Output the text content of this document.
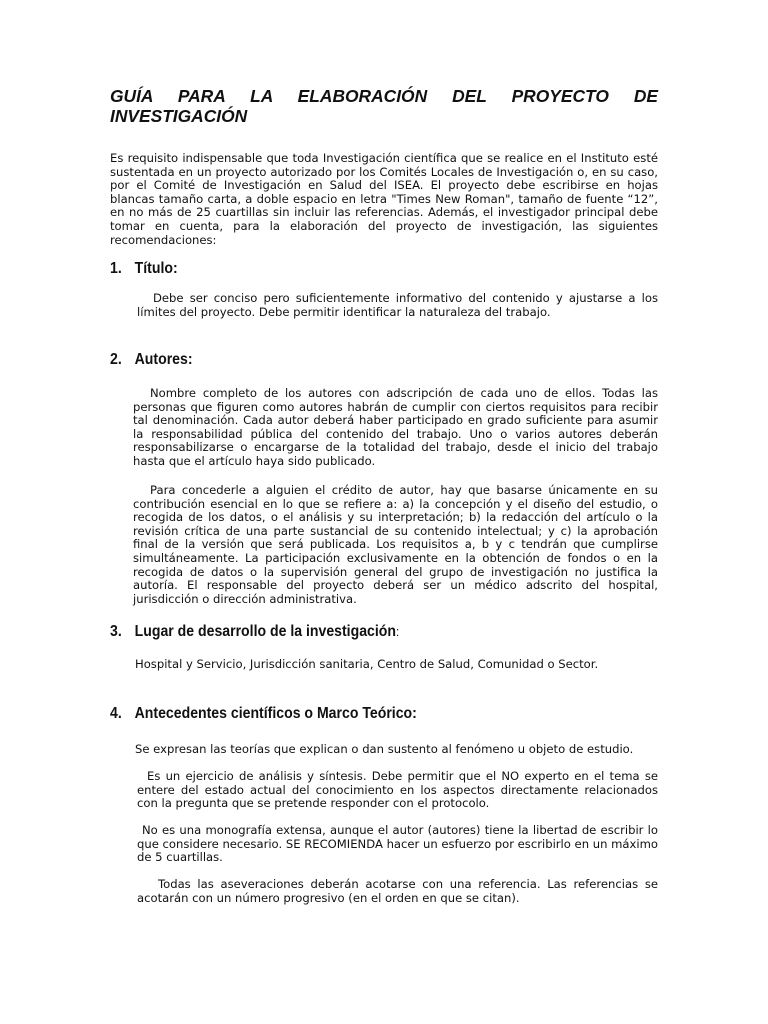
GUÍA PARA LA ELABORACIÓN DEL PROYECTO DE
INVESTIGACIÓN

Es requisito indispensable que toda Investigación científica que se realice en el Instituto esté sustentada en un proyecto autorizado por los Comités Locales de Investigación o, en su caso, por el Comité de Investigación en Salud del ISEA. El proyecto debe escribirse en hojas blancas tamaño carta, a doble espacio en letra "Times New Roman", tamaño de fuente “12”, en no más de 25 cuartillas sin incluir las referencias. Además, el investigador principal debe tomar en cuenta, para la elaboración del proyecto de investigación, las siguientes recomendaciones:

1. Título:

Debe ser conciso pero suficientemente informativo del contenido y ajustarse a los límites del proyecto. Debe permitir identificar la naturaleza del trabajo.

2. Autores:

Nombre completo de los autores con adscripción de cada uno de ellos. Todas las personas que figuren como autores habrán de cumplir con ciertos requisitos para recibir tal denominación. Cada autor deberá haber participado en grado suficiente para asumir la responsabilidad pública del contenido del trabajo. Uno o varios autores deberán responsabilizarse o encargarse de la totalidad del trabajo, desde el inicio del trabajo hasta que el artículo haya sido publicado.

Para concederle a alguien el crédito de autor, hay que basarse únicamente en su contribución esencial en lo que se refiere a: a) la concepción y el diseño del estudio, o recogida de los datos, o el análisis y su interpretación; b) la redacción del artículo o la revisión crítica de una parte sustancial de su contenido intelectual; y c) la aprobación final de la versión que será publicada. Los requisitos a, b y c tendrán que cumplirse simultáneamente. La participación exclusivamente en la obtención de fondos o en la recogida de datos o la supervisión general del grupo de investigación no justifica la autoría. El responsable del proyecto deberá ser un médico adscrito del hospital, jurisdicción o dirección administrativa.

3. Lugar de desarrollo de la investigación:

Hospital y Servicio, Jurisdicción sanitaria, Centro de Salud, Comunidad o Sector.

4. Antecedentes científicos o Marco Teórico:

Se expresan las teorías que explican o dan sustento al fenómeno u objeto de estudio.

Es un ejercicio de análisis y síntesis. Debe permitir que el NO experto en el tema se entere del estado actual del conocimiento en los aspectos directamente relacionados con la pregunta que se pretende responder con el protocolo.

No es una monografía extensa, aunque el autor (autores) tiene la libertad de escribir lo que considere necesario. SE RECOMIENDA hacer un esfuerzo por escribirlo en un máximo de 5 cuartillas.

Todas las aseveraciones deberán acotarse con una referencia. Las referencias se acotarán con un número progresivo (en el orden en que se citan).
